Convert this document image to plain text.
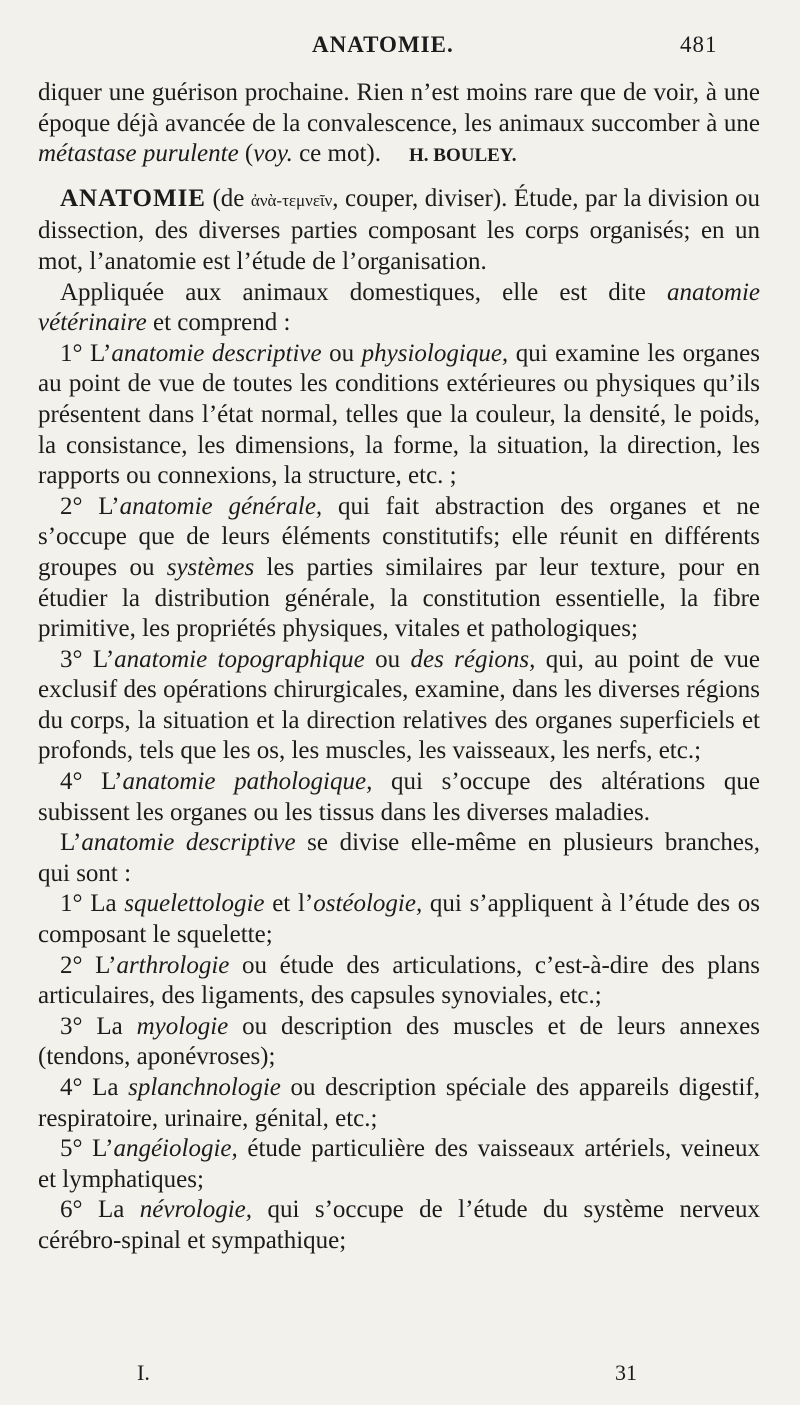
ANATOMIE.	481

diquer une guérison prochaine. Rien n’est moins rare que de voir, à une époque déjà avancée de la convalescence, les animaux succomber à une métastase purulente (voy. ce mot). H. BOULEY.

ANATOMIE (de ἀνὰ-τεμνεῖν, couper, diviser). Étude, par la division ou dissection, des diverses parties composant les corps organisés; en un mot, l’anatomie est l’étude de l’organisation.

Appliquée aux animaux domestiques, elle est dite anatomie vétérinaire et comprend :

1° L’anatomie descriptive ou physiologique, qui examine les organes au point de vue de toutes les conditions extérieures ou physiques qu’ils présentent dans l’état normal, telles que la couleur, la densité, le poids, la consistance, les dimensions, la forme, la situation, la direction, les rapports ou connexions, la structure, etc. ;

2° L’anatomie générale, qui fait abstraction des organes et ne s’occupe que de leurs éléments constitutifs; elle réunit en différents groupes ou systèmes les parties similaires par leur texture, pour en étudier la distribution générale, la constitution essentielle, la fibre primitive, les propriétés physiques, vitales et pathologiques;

3° L’anatomie topographique ou des régions, qui, au point de vue exclusif des opérations chirurgicales, examine, dans les diverses régions du corps, la situation et la direction relatives des organes superficiels et profonds, tels que les os, les muscles, les vaisseaux, les nerfs, etc.;

4° L’anatomie pathologique, qui s’occupe des altérations que subissent les organes ou les tissus dans les diverses maladies.

L’anatomie descriptive se divise elle-même en plusieurs branches, qui sont :

1° La squelettologie et l’ostéologie, qui s’appliquent à l’étude des os composant le squelette;

2° L’arthrologie ou étude des articulations, c’est-à-dire des plans articulaires, des ligaments, des capsules synoviales, etc.;

3° La myologie ou description des muscles et de leurs annexes (tendons, aponévroses);

4° La splanchnologie ou description spéciale des appareils digestif, respiratoire, urinaire, génital, etc.;

5° L’angéiologie, étude particulière des vaisseaux artériels, veineux et lymphatiques;

6° La névrologie, qui s’occupe de l’étude du système nerveux cérébro-spinal et sympathique;

I.	31
